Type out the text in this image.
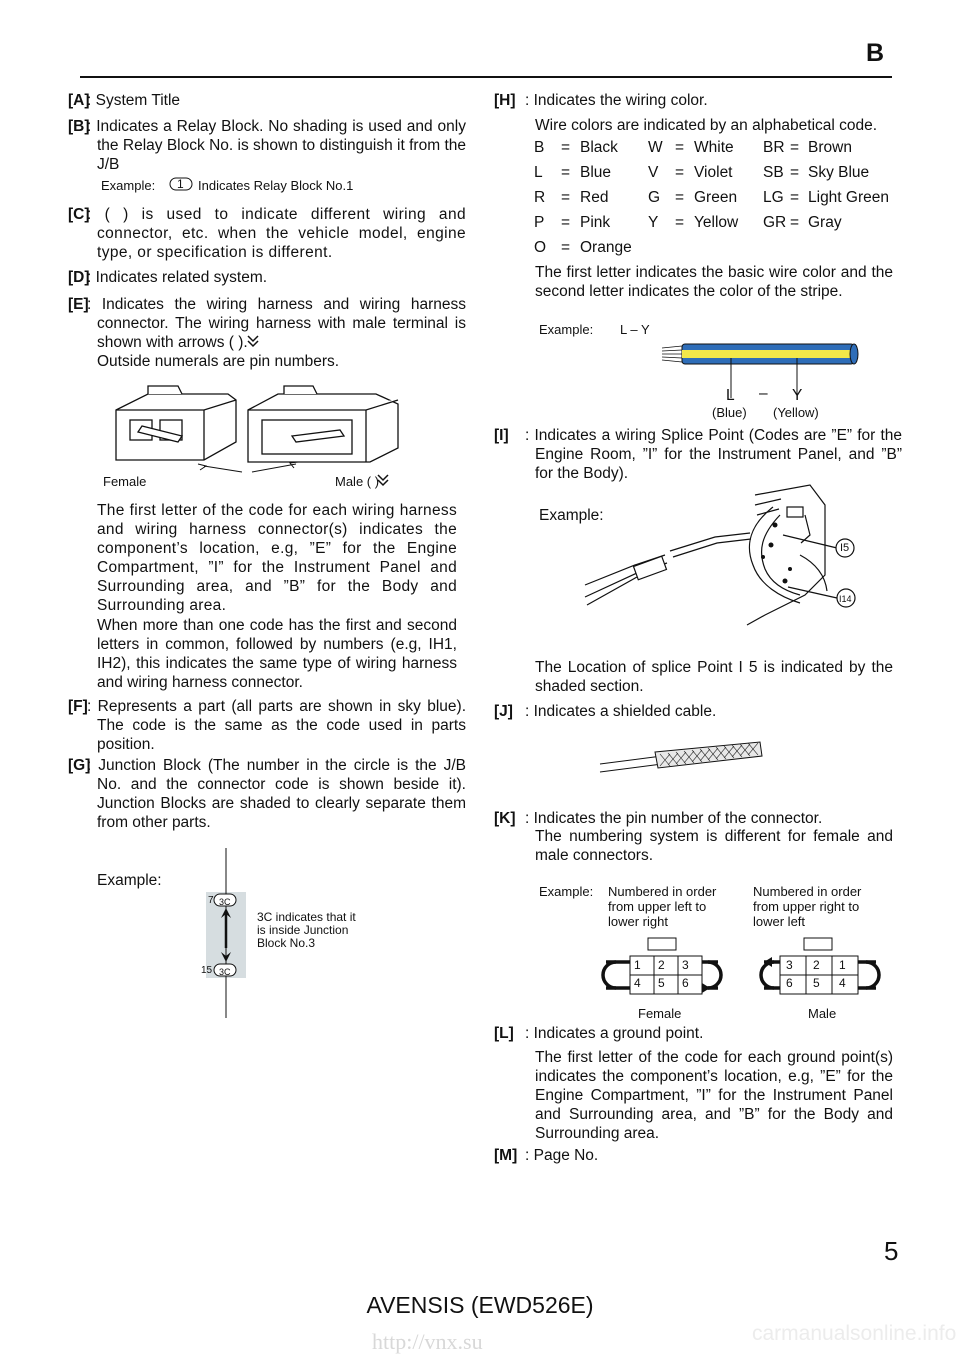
B
[A]
: System Title
[B]
: Indicates a Relay Block. No shading is used and only the Relay Block No. is shown to distinguish it from the J/B
Example: 1 Indicates Relay Block No.1
[C]
: ( ) is used to indicate different wiring and connector, etc. when the vehicle model, engine type, or specification is different.
[D]
: Indicates related system.
[E]
: Indicates the wiring harness and wiring harness connector. The wiring harness with male terminal is shown with arrows ( ).
Outside numerals are pin numbers.
Female	Male ( )
The first letter of the code for each wiring harness and wiring harness connector(s) indicates the component’s location, e.g, ”E” for the Engine Compartment, ”I” for the Instrument Panel and Surrounding area, and ”B” for the Body and Surrounding area.
When more than one code has the first and second letters in common, followed by numbers (e.g, IH1, IH2), this indicates the same type of wiring harness and wiring harness connector.
[F] : Represents a part (all parts are shown in sky blue). The code is the same as the code used in parts position.
[G]
: Junction Block (The number in the circle is the J/B No. and the connector code is shown beside it). Junction Blocks are shaded to clearly separate them from other parts.
Example:
7 3C
15 3C
3C indicates that it is inside Junction Block No.3
[H] : Indicates the wiring color.
Wire colors are indicated by an alphabetical code.
B = Black W = White BR = Brown
L = Blue V = Violet SB = Sky Blue
R = Red	G = Green LG = Light Green
P = Pink Y = Yellow GR = Gray
O = Orange
The first letter indicates the basic wire color and the second letter indicates the color of the stripe.
Example: L – Y
L – Y
(Blue) (Yellow)
[I] : Indicates a wiring Splice Point (Codes are ”E” for the Engine Room, ”I” for the Instrument Panel, and ”B” for the Body).
Example:
I5
I14
The Location of splice Point I 5 is indicated by the shaded section.
[J] : Indicates a shielded cable.
[K] : Indicates the pin number of the connector.
The numbering system is different for female and male connectors.
Example: Numbered in order from upper left to lower right
Numbered in order from upper right to lower left
1 2 3
4 5 6
3 2 1
6 5 4
Female	Male
[L] : Indicates a ground point.
The first letter of the code for each ground point(s) indicates the component’s location, e.g, ”E” for the Engine Compartment, ”I” for the Instrument Panel and Surrounding area, and ”B” for the Body and Surrounding area.
[M] : Page No.
5
AVENSIS (EWD526E)
http://vnx.su	carmanualsonline.info
